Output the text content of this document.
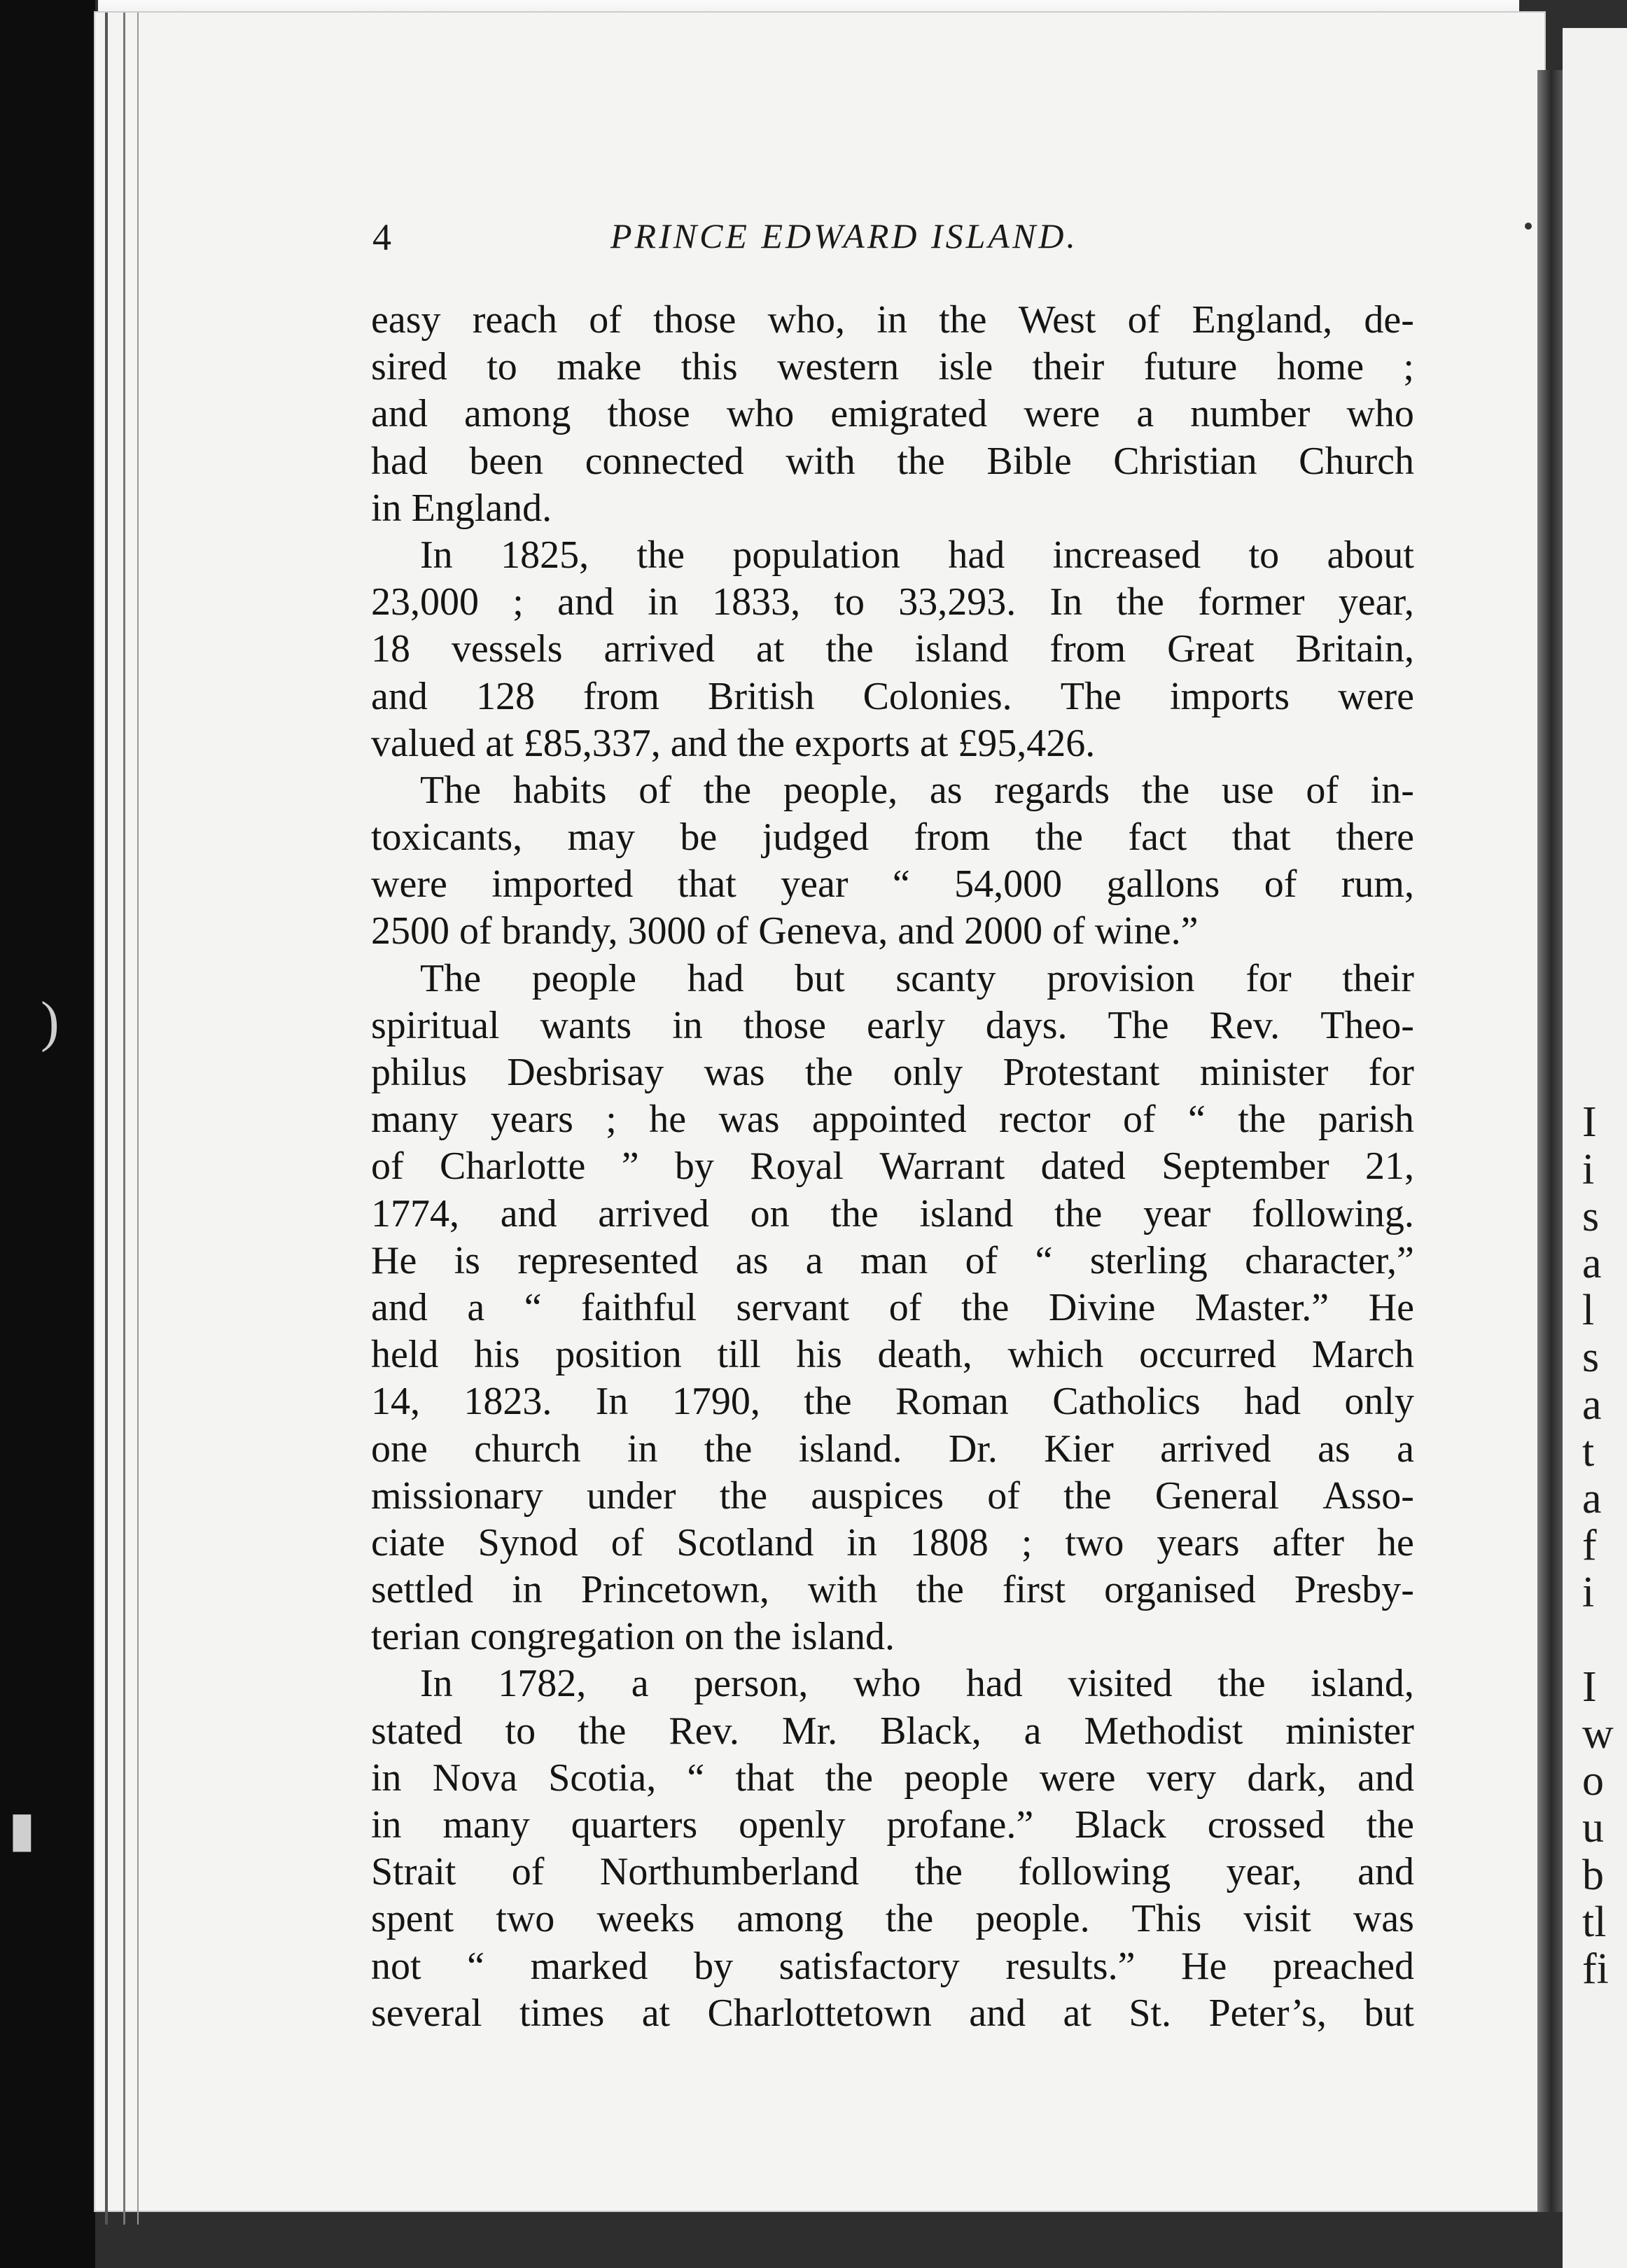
)
▮
I
i
s
a
l
s
a
t
a
f
i
I
w
o
u
b
tl
fi
4	PRINCE EDWARD ISLAND.
easy reach of those who, in the West of England, de-
sired to make this western isle their future home ;
and among those who emigrated were a number who
had been connected with the Bible Christian Church
in England.
In 1825, the population had increased to about
23,000 ; and in 1833, to 33,293. In the former year,
18 vessels arrived at the island from Great Britain,
and 128 from British Colonies. The imports were
valued at £85,337, and the exports at £95,426.
The habits of the people, as regards the use of in-
toxicants, may be judged from the fact that there
were imported that year “ 54,000 gallons of rum,
2500 of brandy, 3000 of Geneva, and 2000 of wine.”
The people had but scanty provision for their
spiritual wants in those early days. The Rev. Theo-
philus Desbrisay was the only Protestant minister for
many years ; he was appointed rector of “ the parish
of Charlotte ” by Royal Warrant dated September 21,
1774, and arrived on the island the year following.
He is represented as a man of “ sterling character,”
and a “ faithful servant of the Divine Master.” He
held his position till his death, which occurred March
14, 1823. In 1790, the Roman Catholics had only
one church in the island. Dr. Kier arrived as a
missionary under the auspices of the General Asso-
ciate Synod of Scotland in 1808 ; two years after he
settled in Princetown, with the first organised Presby-
terian congregation on the island.
In 1782, a person, who had visited the island,
stated to the Rev. Mr. Black, a Methodist minister
in Nova Scotia, “ that the people were very dark, and
in many quarters openly profane.” Black crossed the
Strait of Northumberland the following year, and
spent two weeks among the people. This visit was
not “ marked by satisfactory results.” He preached
several times at Charlottetown and at St. Peter’s, but
